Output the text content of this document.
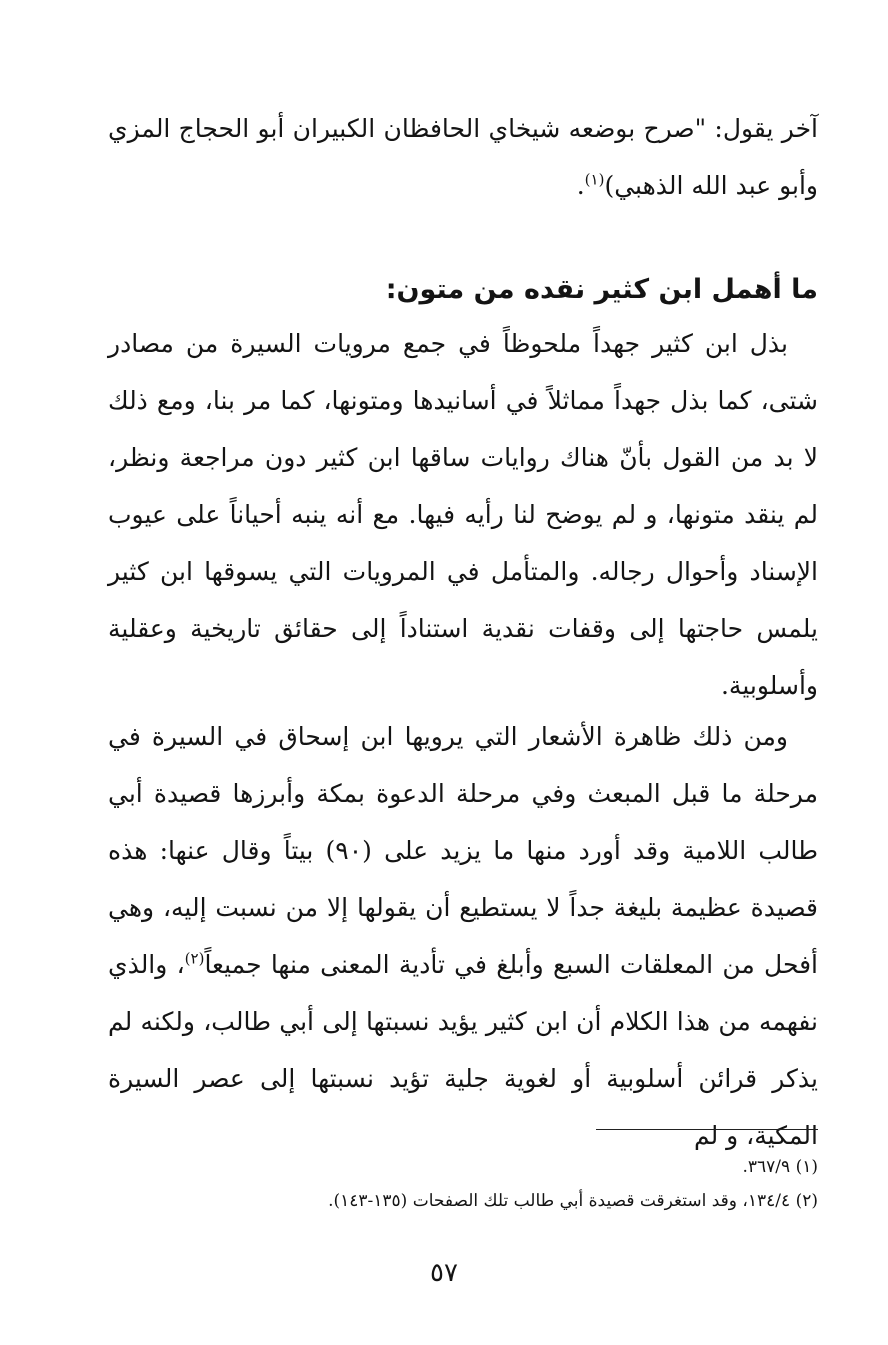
آخر يقول: "صرح بوضعه شيخاي الحافظان الكبيران أبو الحجاج المزي وأبو عبد الله الذهبي)$^{(١)}$.

ما أهمل ابن كثير نقده من متون:

بذل ابن كثير جهداً ملحوظاً في جمع مرويات السيرة من مصادر شتى، كما بذل جهداً مماثلاً في أسانيدها ومتونها، كما مر بنا، ومع ذلك لا بد من القول بأنّ هناك روايات ساقها ابن كثير دون مراجعة ونظر، لم ينقد متونها، و لم يوضح لنا رأيه فيها. مع أنه ينبه أحياناً على عيوب الإسناد وأحوال رجاله. والمتأمل في المرويات التي يسوقها ابن كثير يلمس حاجتها إلى وقفات نقدية استناداً إلى حقائق تاريخية وعقلية وأسلوبية.

ومن ذلك ظاهرة الأشعار التي يرويها ابن إسحاق في السيرة في مرحلة ما قبل المبعث وفي مرحلة الدعوة بمكة وأبرزها قصيدة أبي طالب اللامية وقد أورد منها ما يزيد على (٩٠) بيتاً وقال عنها: هذه قصيدة عظيمة بليغة جداً لا يستطيع أن يقولها إلا من نسبت إليه، وهي أفحل من المعلقات السبع وأبلغ في تأدية المعنى منها جميعاً$^{(٢)}$، والذي نفهمه من هذا الكلام أن ابن كثير يؤيد نسبتها إلى أبي طالب، ولكنه لم يذكر قرائن أسلوبية أو لغوية جلية تؤيد نسبتها إلى عصر السيرة المكية، و لم

(١) ٣٦٧/٩.

(٢) ١٣٤/٤، وقد استغرقت قصيدة أبي طالب تلك الصفحات (١٣٥-١٤٣).

٥٧
